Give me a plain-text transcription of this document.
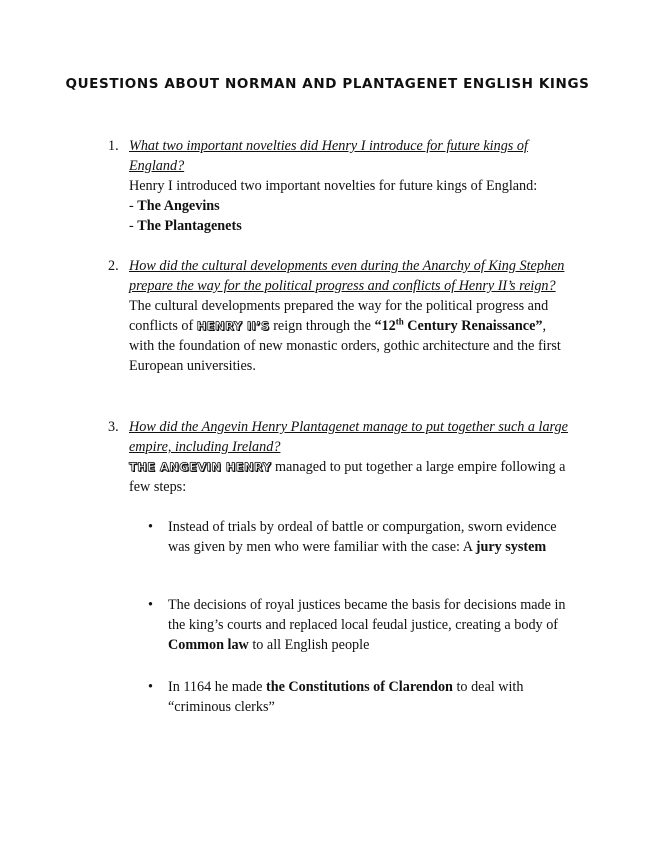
QUESTIONS ABOUT NORMAN AND PLANTAGENET ENGLISH KINGS
1. What two important novelties did Henry I introduce for future kings of England?
Henry I introduced two important novelties for future kings of England:
- The Angevins
- The Plantagenets
2. How did the cultural developments even during the Anarchy of King Stephen prepare the way for the political progress and conflicts of Henry II’s reign?
The cultural developments prepared the way for the political progress and conflicts of HENRY II’S reign through the “12th Century Renaissance”, with the foundation of new monastic orders, gothic architecture and the first European universities.
3. How did the Angevin Henry Plantagenet manage to put together such a large empire, including Ireland?
THE ANGEVIN HENRY managed to put together a large empire following a few steps:
• Instead of trials by ordeal of battle or compurgation, sworn evidence was given by men who were familiar with the case: A jury system
• The decisions of royal justices became the basis for decisions made in the king’s courts and replaced local feudal justice, creating a body of Common law to all English people
• In 1164 he made the Constitutions of Clarendon to deal with “criminous clerks”
